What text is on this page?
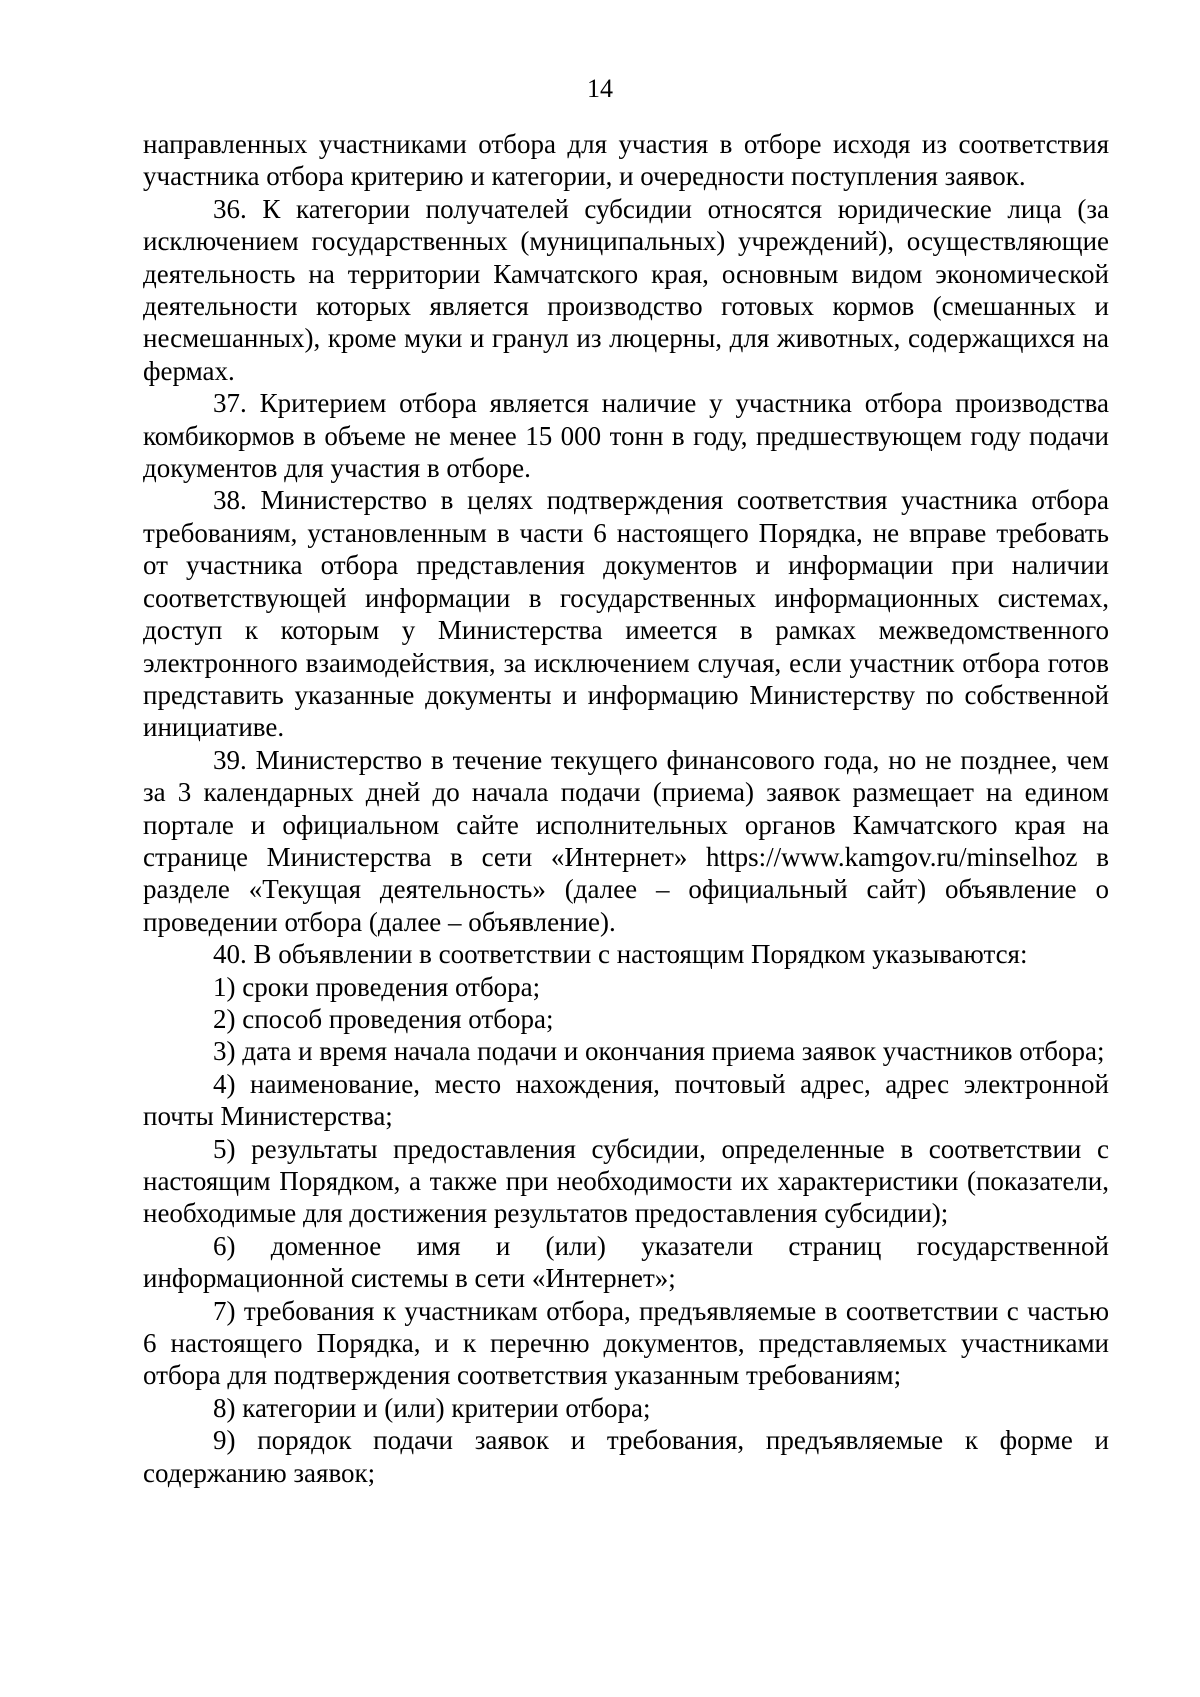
14

направленных участниками отбора для участия в отборе исходя из соответствия участника отбора критерию и категории, и очередности поступления заявок.

36. К категории получателей субсидии относятся юридические лица (за исключением государственных (муниципальных) учреждений), осуществляющие деятельность на территории Камчатского края, основным видом экономической деятельности которых является производство готовых кормов (смешанных и несмешанных), кроме муки и гранул из люцерны, для животных, содержащихся на фермах.

37. Критерием отбора является наличие у участника отбора производства комбикормов в объеме не менее 15 000 тонн в году, предшествующем году подачи документов для участия в отборе.

38. Министерство в целях подтверждения соответствия участника отбора требованиям, установленным в части 6 настоящего Порядка, не вправе требовать от участника отбора представления документов и информации при наличии соответствующей информации в государственных информационных системах, доступ к которым у Министерства имеется в рамках межведомственного электронного взаимодействия, за исключением случая, если участник отбора готов представить указанные документы и информацию Министерству по собственной инициативе.

39. Министерство в течение текущего финансового года, но не позднее, чем за 3 календарных дней до начала подачи (приема) заявок размещает на едином портале и официальном сайте исполнительных органов Камчатского края на странице Министерства в сети «Интернет» https://www.kamgov.ru/minselhoz в разделе «Текущая деятельность» (далее – официальный сайт) объявление о проведении отбора (далее – объявление).

40. В объявлении в соответствии с настоящим Порядком указываются:

1) сроки проведения отбора;

2) способ проведения отбора;

3) дата и время начала подачи и окончания приема заявок участников отбора;

4) наименование, место нахождения, почтовый адрес, адрес электронной почты Министерства;

5) результаты предоставления субсидии, определенные в соответствии с настоящим Порядком, а также при необходимости их характеристики (показатели, необходимые для достижения результатов предоставления субсидии);

6) доменное имя и (или) указатели страниц государственной информационной системы в сети «Интернет»;

7) требования к участникам отбора, предъявляемые в соответствии с частью 6 настоящего Порядка, и к перечню документов, представляемых участниками отбора для подтверждения соответствия указанным требованиям;

8) категории и (или) критерии отбора;

9) порядок подачи заявок и требования, предъявляемые к форме и содержанию заявок;
